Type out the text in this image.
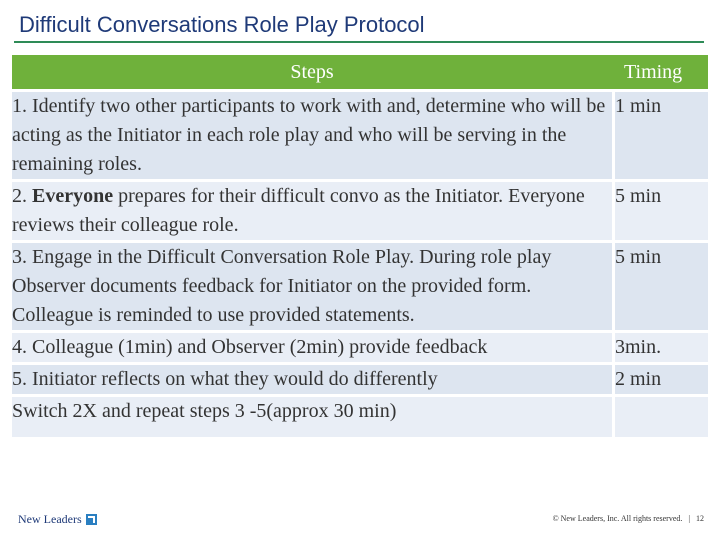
Difficult Conversations Role Play Protocol
Steps	Timing
1. Identify two other participants to work with and, determine who will be acting as the Initiator in each role play and who will be serving in the remaining roles.	1 min
2. Everyone prepares for their difficult convo as the Initiator. Everyone reviews their colleague role.	5 min
3. Engage in the Difficult Conversation Role Play. During role play Observer documents feedback for Initiator on the provided form. Colleague is reminded to use provided statements.	5 min
4. Colleague (1min) and Observer (2min) provide feedback	3min.
5. Initiator reflects on what they would do differently	2 min
Switch 2X and repeat steps 3 -5(approx 30 min)	
New Leaders	© New Leaders, Inc. All rights reserved. | 12
